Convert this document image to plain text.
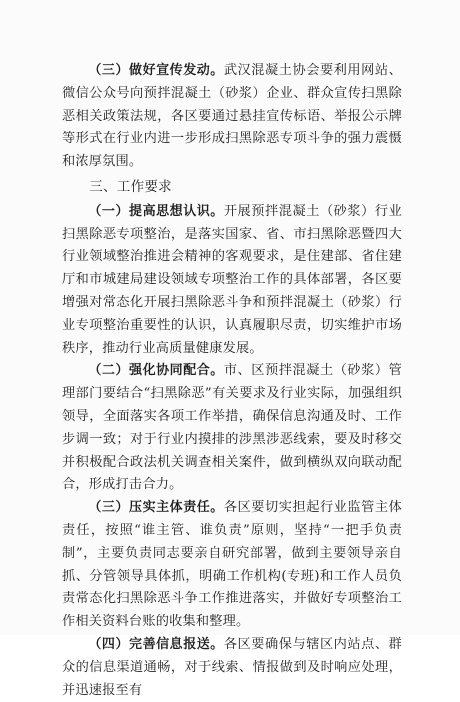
（三）做好宣传发动。武汉混凝土协会要利用网站、微信公众号向预拌混凝土（砂浆）企业、群众宣传扫黑除恶相关政策法规，各区要通过悬挂宣传标语、举报公示牌等形式在行业内进一步形成扫黑除恶专项斗争的强力震慑和浓厚氛围。

三、工作要求

（一）提高思想认识。开展预拌混凝土（砂浆）行业扫黑除恶专项整治，是落实国家、省、市扫黑除恶暨四大行业领域整治推进会精神的客观要求，是住建部、省住建厅和市城建局建设领域专项整治工作的具体部署，各区要增强对常态化开展扫黑除恶斗争和预拌混凝土（砂浆）行业专项整治重要性的认识，认真履职尽责，切实维护市场秩序，推动行业高质量健康发展。

（二）强化协同配合。市、区预拌混凝土（砂浆）管理部门要结合“扫黑除恶”有关要求及行业实际，加强组织领导，全面落实各项工作举措，确保信息沟通及时、工作步调一致；对于行业内摸排的涉黑涉恶线索，要及时移交并积极配合政法机关调查相关案件，做到横纵双向联动配合，形成打击合力。

（三）压实主体责任。各区要切实担起行业监管主体责任，按照“谁主管、谁负责”原则，坚持“一把手负责制”，主要负责同志要亲自研究部署，做到主要领导亲自抓、分管领导具体抓，明确工作机构(专班)和工作人员负责常态化扫黑除恶斗争工作推进落实，并做好专项整治工作相关资料台账的收集和整理。

（四）完善信息报送。各区要确保与辖区内站点、群众的信息渠道通畅，对于线索、情报做到及时响应处理，并迅速报至有
